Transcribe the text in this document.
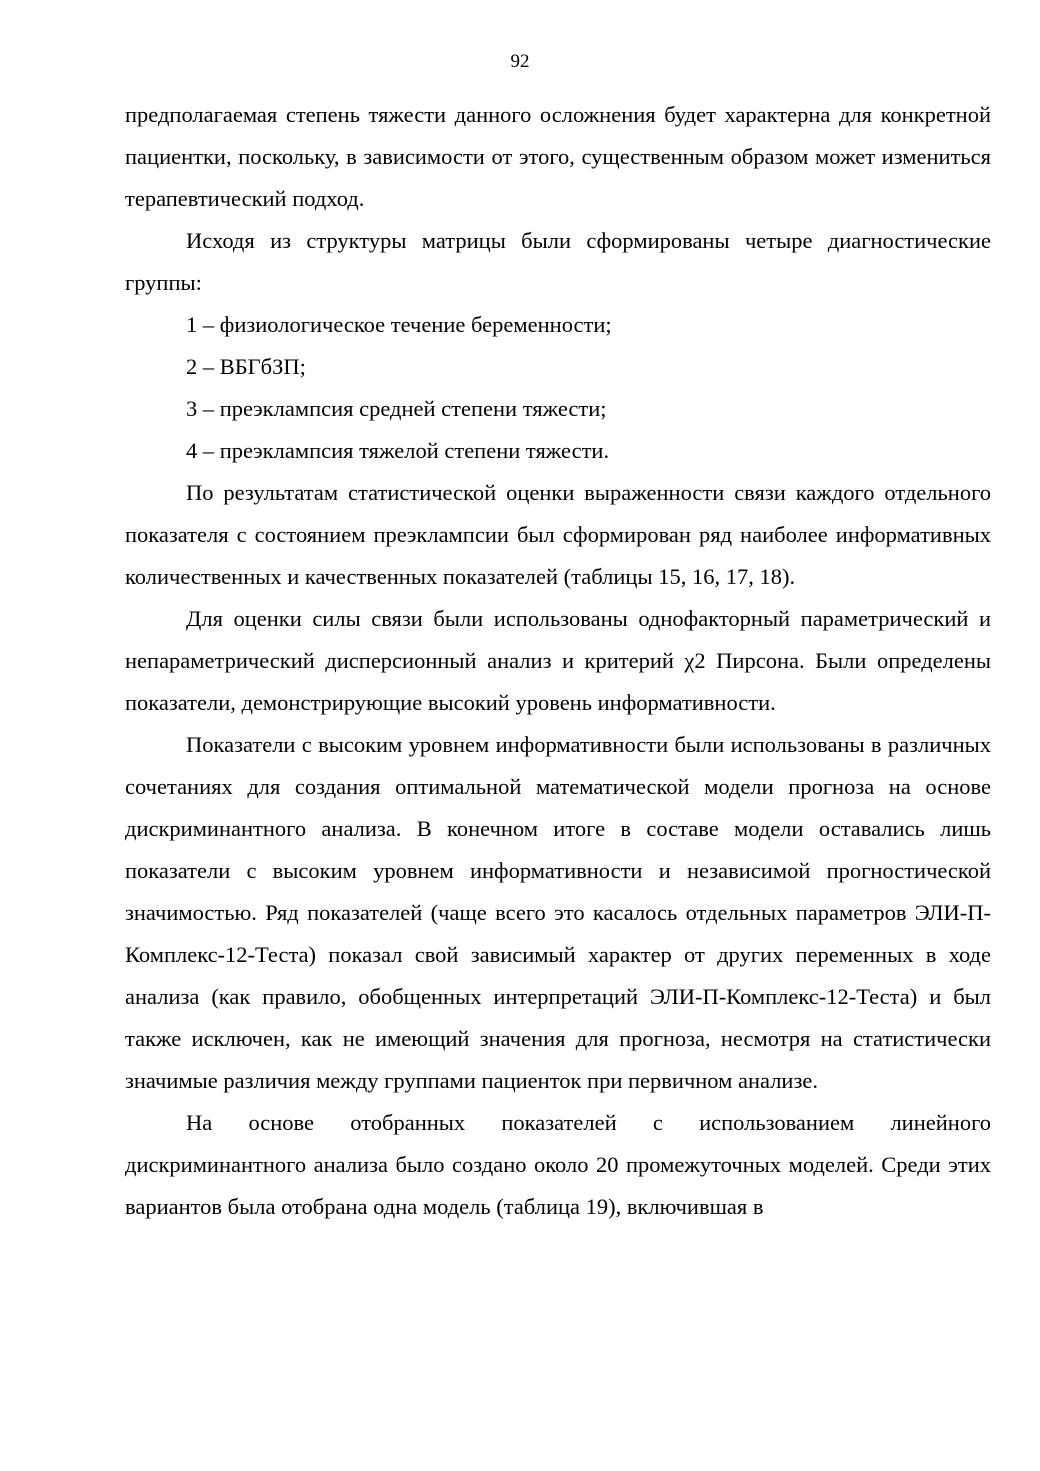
92

предполагаемая степень тяжести данного осложнения будет характерна для конкретной пациентки, поскольку, в зависимости от этого, существенным образом может измениться терапевтический подход.

Исходя из структуры матрицы были сформированы четыре диагностические группы:

1 – физиологическое течение беременности;

2 – ВБГбЗП;

3 – преэклампсия средней степени тяжести;

4 – преэклампсия тяжелой степени тяжести.

По результатам статистической оценки выраженности связи каждого отдельного показателя с состоянием преэклампсии был сформирован ряд наиболее информативных количественных и качественных показателей (таблицы 15, 16, 17, 18).

Для оценки силы связи были использованы однофакторный параметрический и непараметрический дисперсионный анализ и критерий χ2 Пирсона. Были определены показатели, демонстрирующие высокий уровень информативности.

Показатели с высоким уровнем информативности были использованы в различных сочетаниях для создания оптимальной математической модели прогноза на основе дискриминантного анализа. В конечном итоге в составе модели оставались лишь показатели с высоким уровнем информативности и независимой прогностической значимостью. Ряд показателей (чаще всего это касалось отдельных параметров ЭЛИ-П-Комплекс-12-Теста) показал свой зависимый характер от других переменных в ходе анализа (как правило, обобщенных интерпретаций ЭЛИ-П-Комплекс-12-Теста) и был также исключен, как не имеющий значения для прогноза, несмотря на статистически значимые различия между группами пациенток при первичном анализе.

На основе отобранных показателей с использованием линейного дискриминантного анализа было создано около 20 промежуточных моделей. Среди этих вариантов была отобрана одна модель (таблица 19), включившая в
